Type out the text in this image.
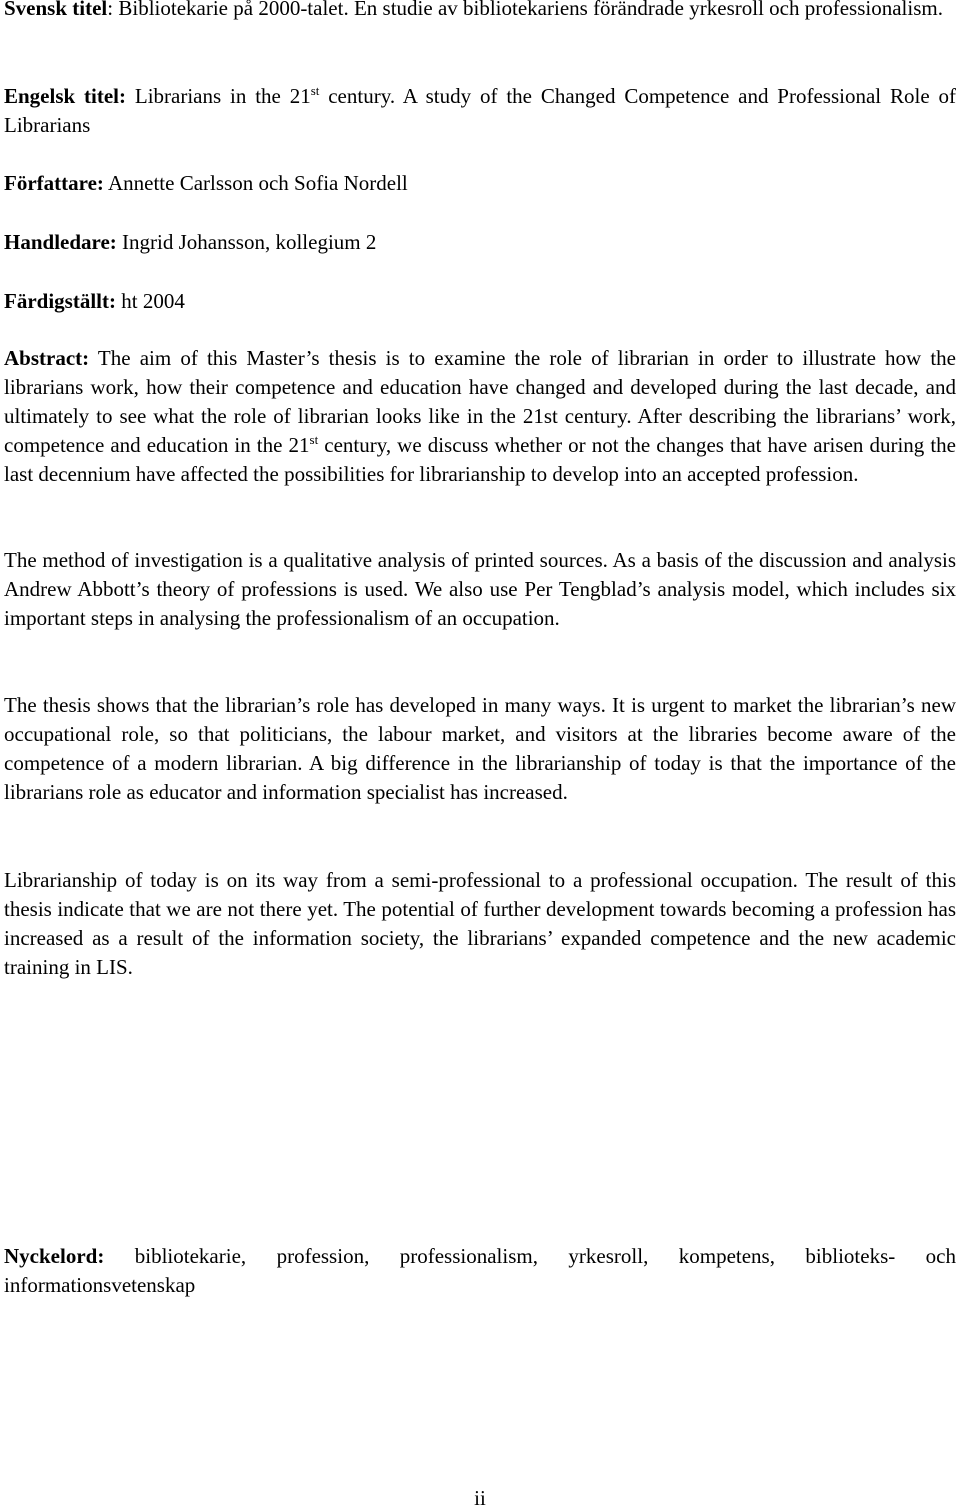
Svensk titel: Bibliotekarie på 2000-talet. En studie av bibliotekariens förändrade yrkesroll och professionalism.

Engelsk titel: Librarians in the 21st century. A study of the Changed Competence and Professional Role of Librarians

Författare: Annette Carlsson och Sofia Nordell

Handledare: Ingrid Johansson, kollegium 2

Färdigställt: ht 2004

Abstract: The aim of this Master’s thesis is to examine the role of librarian in order to illustrate how the librarians work, how their competence and education have changed and developed during the last decade, and ultimately to see what the role of librarian looks like in the 21st century. After describing the librarians’ work, competence and education in the 21st century, we discuss whether or not the changes that have arisen during the last decennium have affected the possibilities for librarianship to develop into an accepted profession.

The method of investigation is a qualitative analysis of printed sources. As a basis of the discussion and analysis Andrew Abbott’s theory of professions is used. We also use Per Tengblad’s analysis model, which includes six important steps in analysing the professionalism of an occupation.

The thesis shows that the librarian’s role has developed in many ways. It is urgent to market the librarian’s new occupational role, so that politicians, the labour market, and visitors at the libraries become aware of the competence of a modern librarian. A big difference in the librarianship of today is that the importance of the librarians role as educator and information specialist has increased.

Librarianship of today is on its way from a semi-professional to a professional occupation. The result of this thesis indicate that we are not there yet. The potential of further development towards becoming a profession has increased as a result of the information society, the librarians’ expanded competence and the new academic training in LIS.

Nyckelord: bibliotekarie, profession, professionalism, yrkesroll, kompetens, biblioteks- och informationsvetenskap

ii
